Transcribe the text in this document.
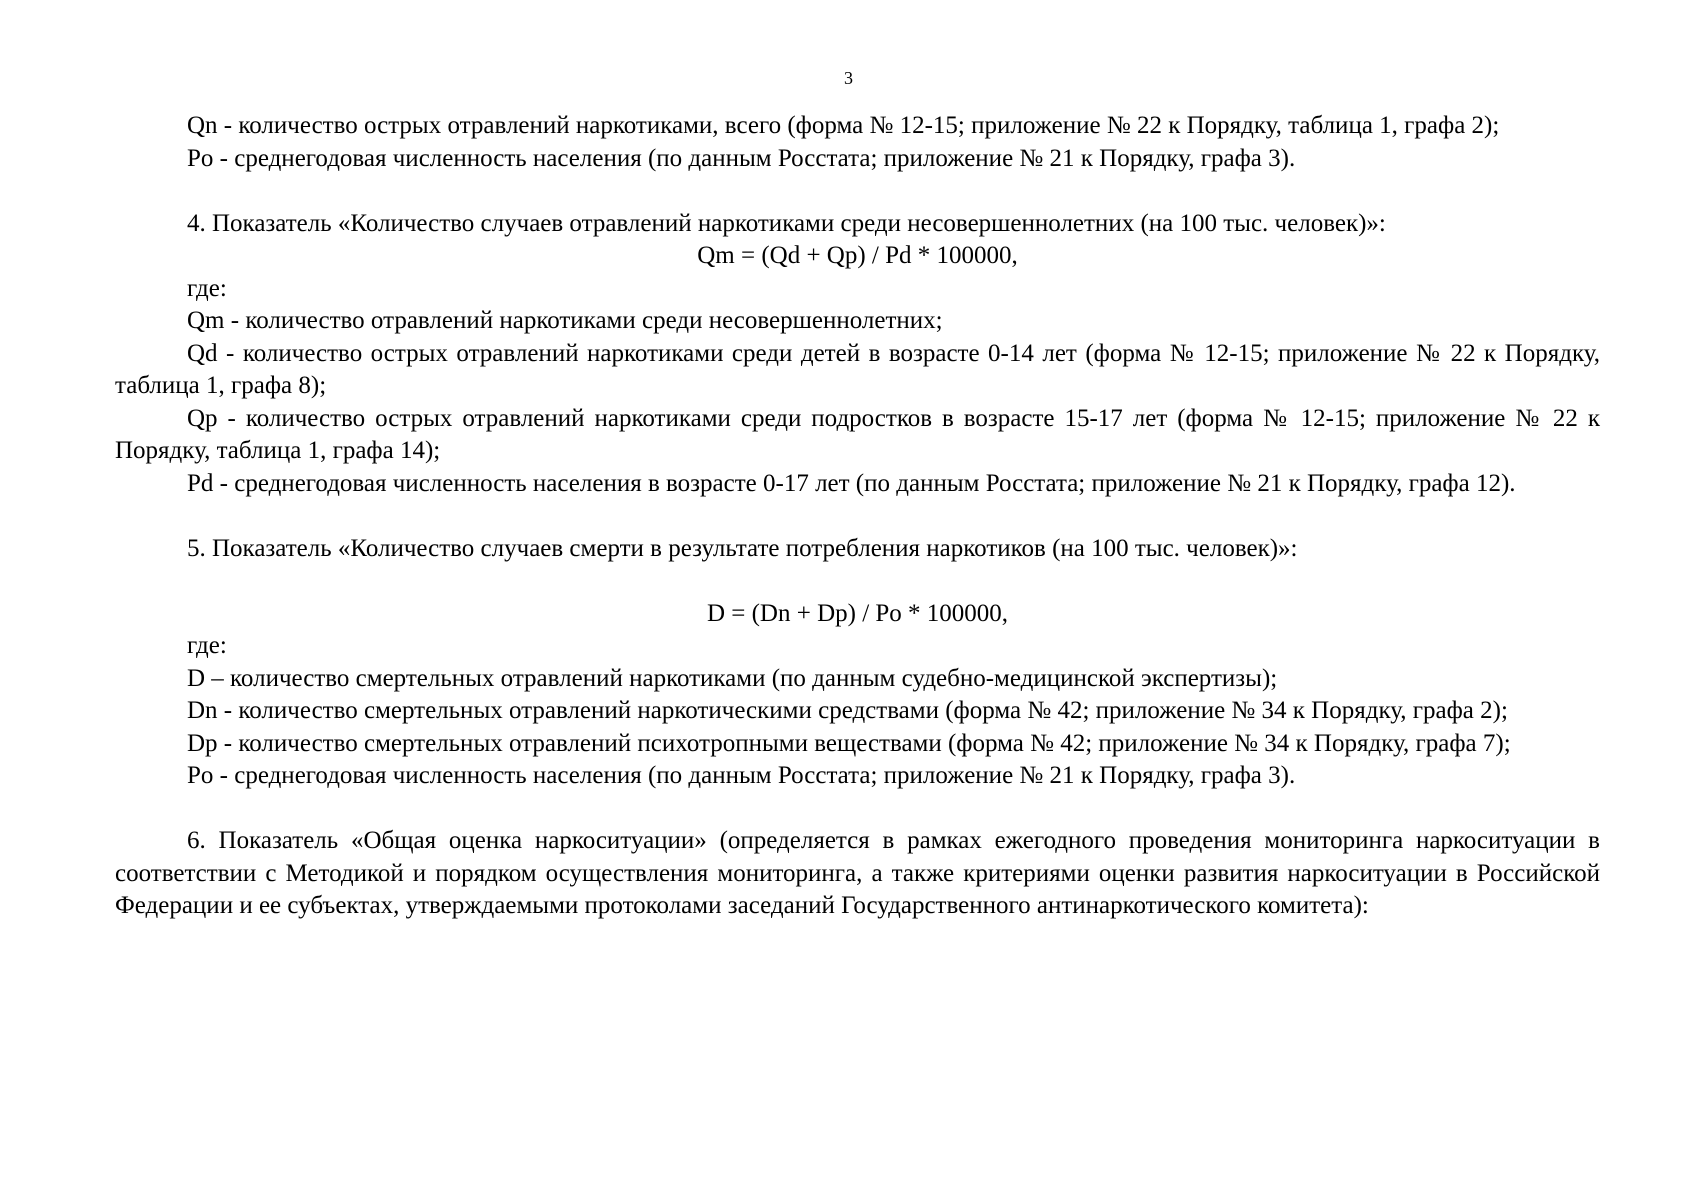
3

Qn - количество острых отравлений наркотиками, всего (форма № 12-15; приложение № 22 к Порядку, таблица 1, графа 2);

Po - среднегодовая численность населения (по данным Росстата; приложение № 21 к Порядку, графа 3).

4. Показатель «Количество случаев отравлений наркотиками среди несовершеннолетних (на 100 тыс. человек)»:

Qm = (Qd + Qp) / Pd * 100000,

где:

Qm - количество отравлений наркотиками среди несовершеннолетних;

Qd - количество острых отравлений наркотиками среди детей в возрасте 0-14 лет (форма № 12-15; приложение № 22 к Порядку, таблица 1, графа 8);

Qp - количество острых отравлений наркотиками среди подростков в возрасте 15-17 лет (форма № 12-15; приложение № 22 к Порядку, таблица 1, графа 14);

Pd - среднегодовая численность населения в возрасте 0-17 лет (по данным Росстата; приложение № 21 к Порядку, графа 12).

5. Показатель «Количество случаев смерти в результате потребления наркотиков (на 100 тыс. человек)»:

D = (Dn + Dp) / Po * 100000,

где:

D – количество смертельных отравлений наркотиками (по данным судебно-медицинской экспертизы);

Dn - количество смертельных отравлений наркотическими средствами (форма № 42; приложение № 34 к Порядку, графа 2);

Dp - количество смертельных отравлений психотропными веществами (форма № 42; приложение № 34 к Порядку, графа 7);

Po - среднегодовая численность населения (по данным Росстата; приложение № 21 к Порядку, графа 3).

6. Показатель «Общая оценка наркоситуации» (определяется в рамках ежегодного проведения мониторинга наркоситуации в соответствии с Методикой и порядком осуществления мониторинга, а также критериями оценки развития наркоситуации в Российской Федерации и ее субъектах, утверждаемыми протоколами заседаний Государственного антинаркотического комитета):
